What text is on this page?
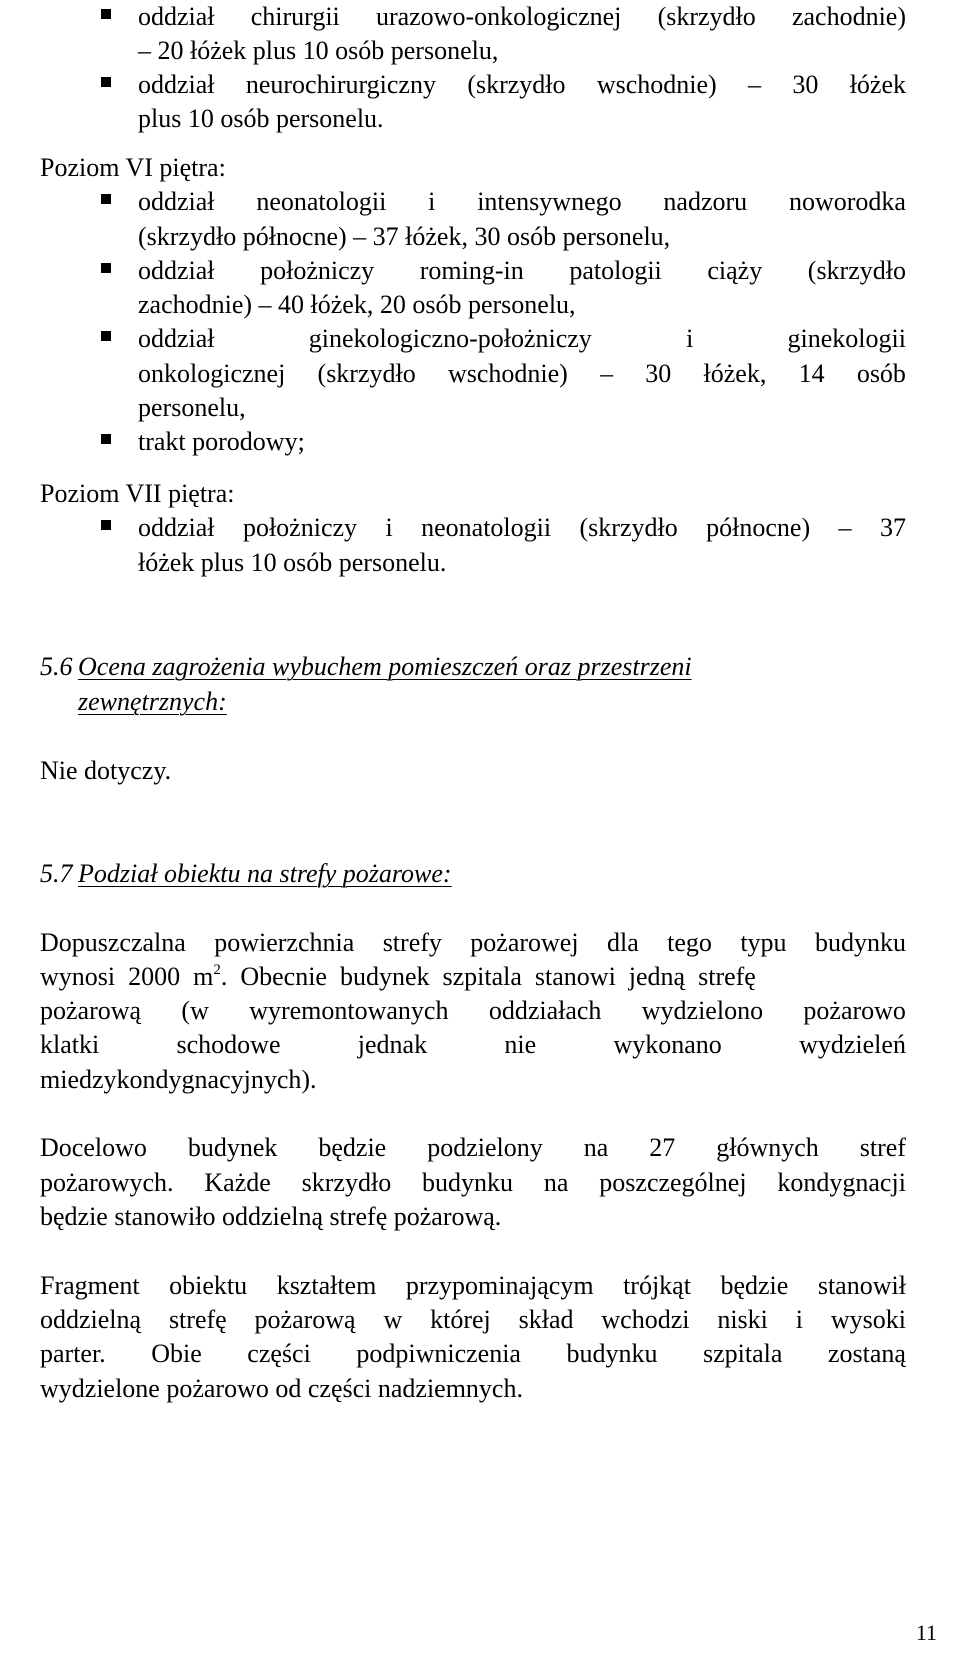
oddział chirurgii urazowo-onkologicznej (skrzydło zachodnie)
– 20 łóżek plus 10 osób personelu,
oddział neurochirurgiczny (skrzydło wschodnie) – 30 łóżek
plus 10 osób personelu.
Poziom VI piętra:
oddział neonatologii i intensywnego nadzoru noworodka
(skrzydło północne) – 37 łóżek, 30 osób personelu,
oddział położniczy roming-in patologii ciąży (skrzydło
zachodnie) – 40 łóżek, 20 osób personelu,
oddział	ginekologiczno-położniczy	i	ginekologii
onkologicznej (skrzydło wschodnie) – 30 łóżek, 14 osób
personelu,
trakt porodowy;
Poziom VII piętra:
oddział położniczy i neonatologii (skrzydło północne) – 37
łóżek plus 10 osób personelu.
5.6 Ocena zagrożenia wybuchem pomieszczeń oraz przestrzeni
zewnętrznych:
Nie dotyczy.
5.7 Podział obiektu na strefy pożarowe:
Dopuszczalna powierzchnia strefy pożarowej dla tego typu budynku
wynosi  2000  $m^2$.  Obecnie  budynek  szpitala  stanowi  jedną  strefę
pożarową (w wyremontowanych oddziałach wydzielono pożarowo
klatki	schodowe	jednak	nie	wykonano	wydzieleń
miedzykondygnacyjnych).
Docelowo budynek będzie podzielony na 27 głównych stref
pożarowych. Każde skrzydło budynku na poszczególnej kondygnacji
będzie stanowiło oddzielną strefę pożarową.
Fragment obiektu kształtem przypominającym trójkąt będzie stanowił
oddzielną strefę pożarową w której skład wchodzi niski i wysoki
parter. Obie części podpiwniczenia budynku szpitala zostaną
wydzielone pożarowo od części nadziemnych.
11
